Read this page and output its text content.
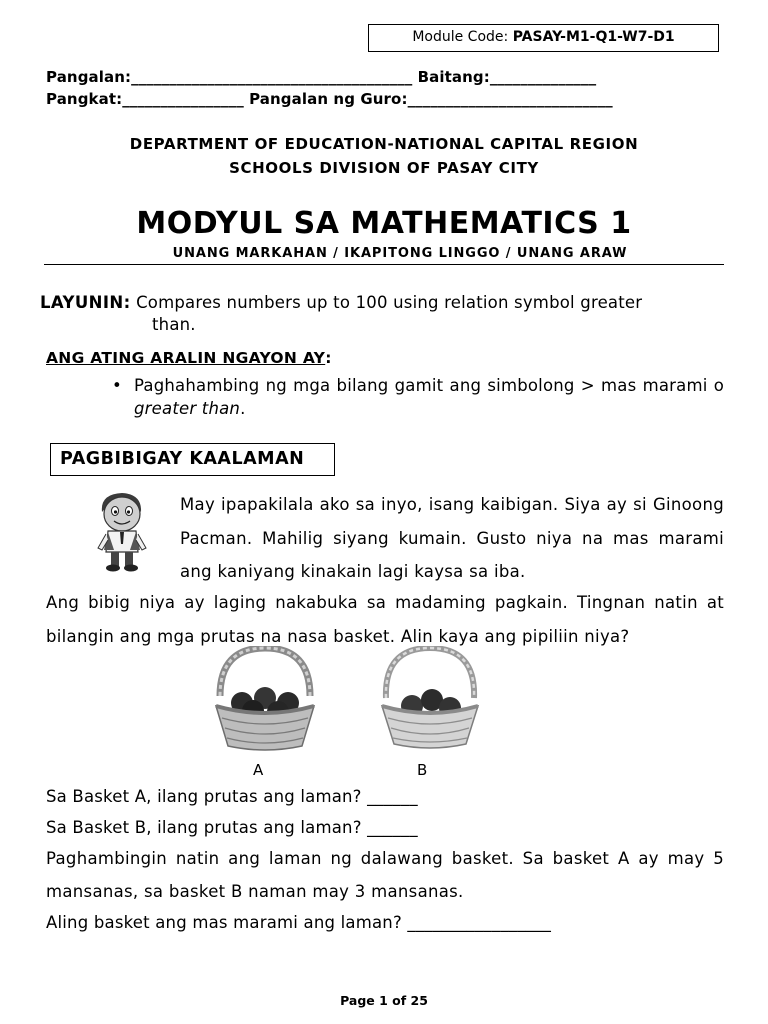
Module Code: PASAY-M1-Q1-W7-D1
Pangalan:_____________________________________ Baitang:______________
Pangkat:________________ Pangalan ng Guro:___________________________
DEPARTMENT OF EDUCATION-NATIONAL CAPITAL REGION
SCHOOLS DIVISION OF PASAY CITY
MODYUL SA MATHEMATICS 1
UNANG MARKAHAN / IKAPITONG LINGGO / UNANG ARAW
LAYUNIN: Compares numbers up to 100 using relation symbol greater
than.
ANG ATING ARALIN NGAYON AY:
• Paghahambing ng mga bilang gamit ang simbolong > mas marami o greater than.
PAGBIBIGAY KAALAMAN
May ipapakilala ako sa inyo, isang kaibigan. Siya ay si Ginoong Pacman. Mahilig siyang kumain. Gusto niya na mas marami ang kaniyang kinakain lagi kaysa sa iba.
Ang bibig niya ay laging nakabuka sa madaming pagkain. Tingnan natin at bilangin ang mga prutas na nasa basket. Alin kaya ang pipiliin niya?
A	B
Sa Basket A, ilang prutas ang laman? ______
Sa Basket B, ilang prutas ang laman? ______
Paghambingin natin ang laman ng dalawang basket. Sa basket A ay may 5 mansanas, sa basket B naman may 3 mansanas.
Aling basket ang mas marami ang laman? _________________
Page 1 of 25
